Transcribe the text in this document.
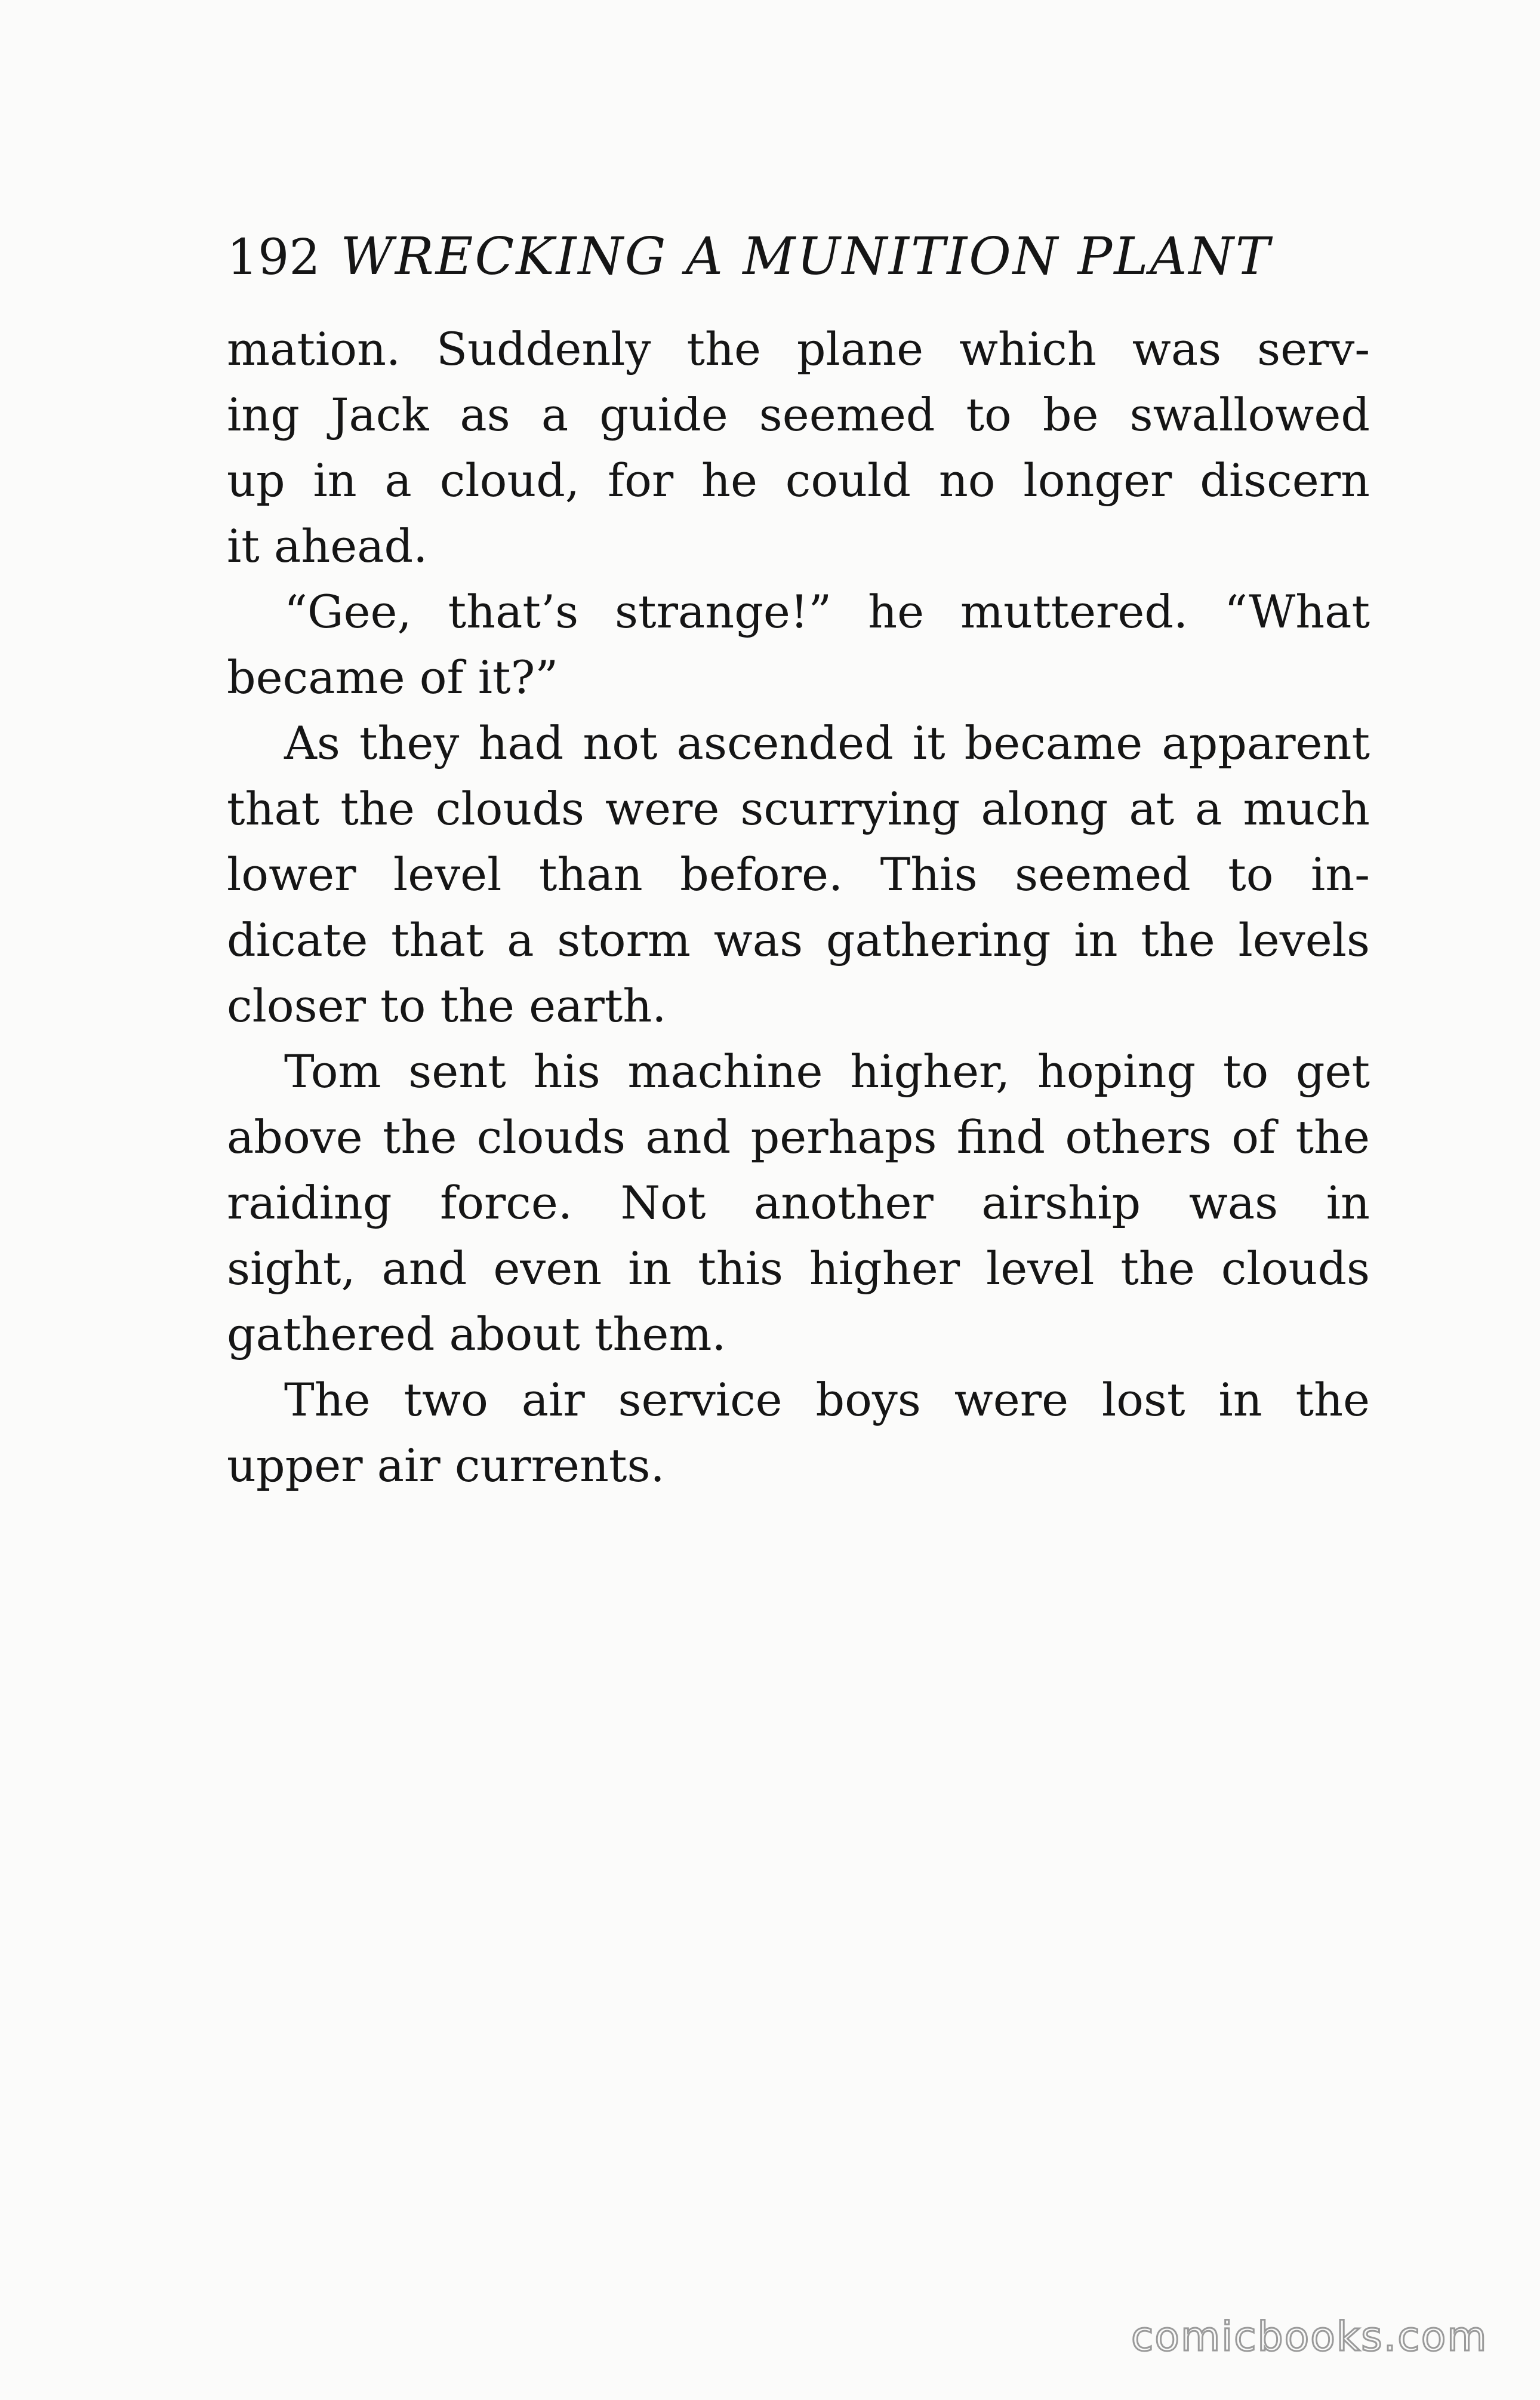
192 WRECKING A MUNITION PLANT

mation. Suddenly the plane which was serv-
ing Jack as a guide seemed to be swallowed
up in a cloud, for he could no longer discern
it ahead.

“Gee, that’s strange!” he muttered. “What
became of it?”

As they had not ascended it became apparent
that the clouds were scurrying along at a much
lower level than before. This seemed to in-
dicate that a storm was gathering in the levels
closer to the earth.

Tom sent his machine higher, hoping to get
above the clouds and perhaps find others of the
raiding force. Not another airship was in
sight, and even in this higher level the clouds
gathered about them.

The two air service boys were lost in the
upper air currents.

comicbooks.com
